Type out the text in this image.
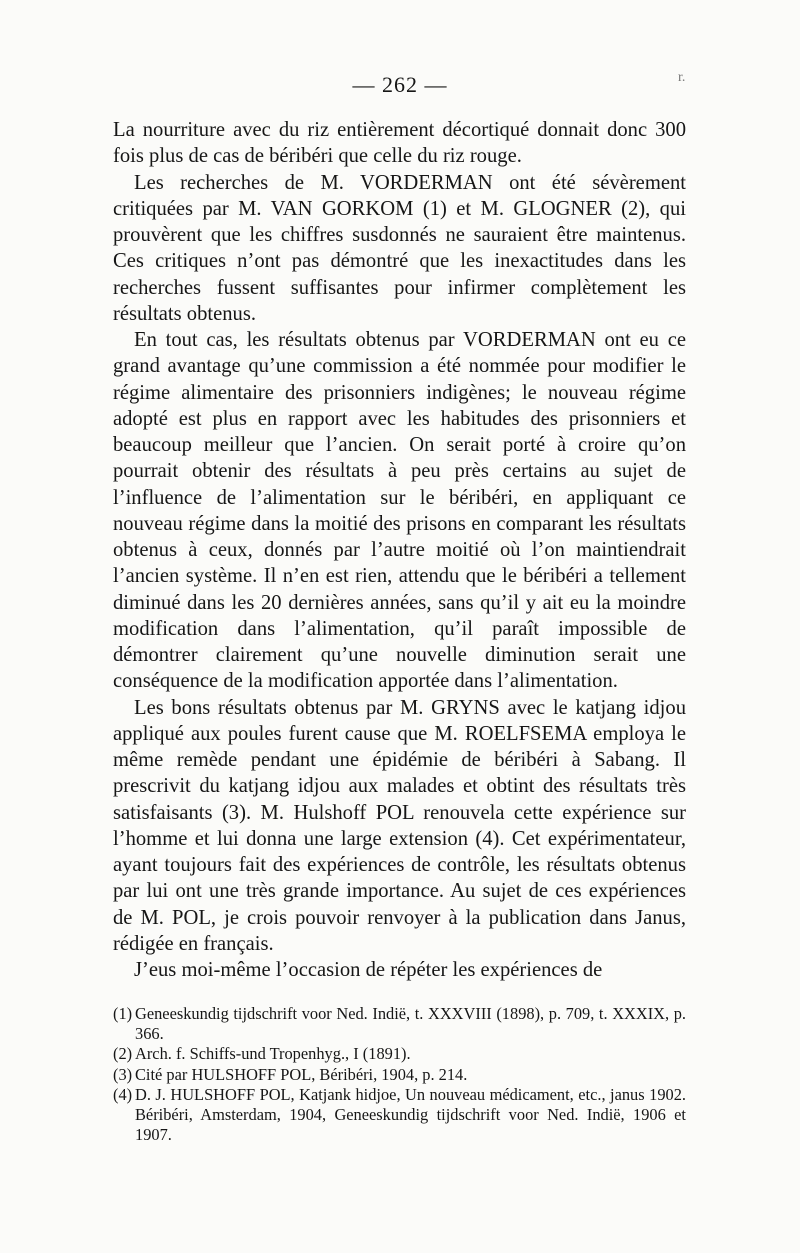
— 262 —	r.

La nourriture avec du riz entièrement décortiqué donnait donc 300 fois plus de cas de béribéri que celle du riz rouge.

Les recherches de M. VORDERMAN ont été sévèrement critiquées par M. VAN GORKOM (1) et M. GLOGNER (2), qui prouvèrent que les chiffres susdonnés ne sauraient être maintenus. Ces critiques n’ont pas démontré que les inexactitudes dans les recherches fussent suffisantes pour infirmer complètement les résultats obtenus.

En tout cas, les résultats obtenus par VORDERMAN ont eu ce grand avantage qu’une commission a été nommée pour modifier le régime alimentaire des prisonniers indigènes; le nouveau régime adopté est plus en rapport avec les habitudes des prisonniers et beaucoup meilleur que l’ancien. On serait porté à croire qu’on pourrait obtenir des résultats à peu près certains au sujet de l’influence de l’alimentation sur le béribéri, en appliquant ce nouveau régime dans la moitié des prisons en comparant les résultats obtenus à ceux, donnés par l’autre moitié où l’on maintiendrait l’ancien système. Il n’en est rien, attendu que le béribéri a tellement diminué dans les 20 dernières années, sans qu’il y ait eu la moindre modification dans l’alimentation, qu’il paraît impossible de démontrer clairement qu’une nouvelle diminution serait une conséquence de la modification apportée dans l’alimentation.

Les bons résultats obtenus par M. GRYNS avec le katjang idjou appliqué aux poules furent cause que M. ROELFSEMA employa le même remède pendant une épidémie de béribéri à Sabang. Il prescrivit du katjang idjou aux malades et obtint des résultats très satisfaisants (3). M. Hulshoff POL renouvela cette expérience sur l’homme et lui donna une large extension (4). Cet expérimentateur, ayant toujours fait des expériences de contrôle, les résultats obtenus par lui ont une très grande importance. Au sujet de ces expériences de M. POL, je crois pouvoir renvoyer à la publication dans Janus, rédigée en français.

J’eus moi-même l’occasion de répéter les expériences de

(1) Geneeskundig tijdschrift voor Ned. Indië, t. XXXVIII (1898), p. 709, t. XXXIX, p. 366.

(2) Arch. f. Schiffs-und Tropenhyg., I (1891).

(3) Cité par HULSHOFF POL, Béribéri, 1904, p. 214.

(4) D. J. HULSHOFF POL, Katjank hidjoe, Un nouveau médicament, etc., janus 1902. Béribéri, Amsterdam, 1904, Geneeskundig tijdschrift voor Ned. Indië, 1906 et 1907.
